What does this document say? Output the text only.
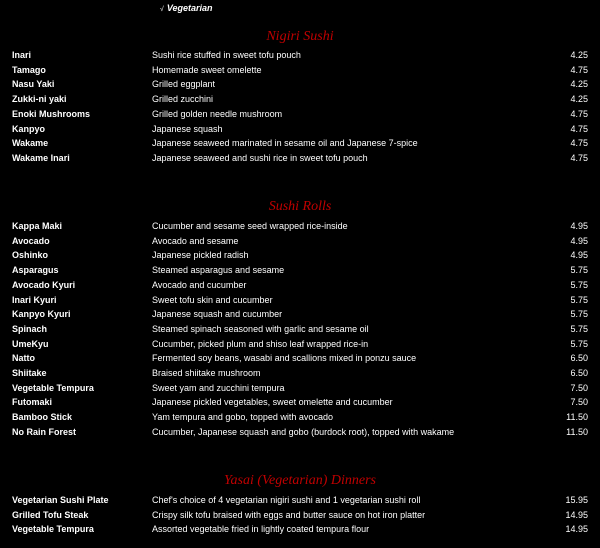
√ Vegetarian
Nigiri Sushi
Inari	Sushi rice stuffed in sweet tofu pouch	4.25
Tamago	Homemade sweet omelette	4.75
Nasu Yaki	Grilled eggplant	4.25
Zukki-ni yaki	Grilled zucchini	4.25
Enoki Mushrooms	Grilled golden needle mushroom	4.75
Kanpyo	Japanese squash	4.75
Wakame	Japanese seaweed marinated in sesame oil and Japanese 7-spice	4.75
Wakame Inari	Japanese seaweed and sushi rice in sweet tofu pouch	4.75
Sushi Rolls
Kappa Maki	Cucumber and sesame seed wrapped rice-inside	4.95
Avocado	Avocado and sesame	4.95
Oshinko	Japanese pickled radish	4.95
Asparagus	Steamed asparagus and sesame	5.75
Avocado Kyuri	Avocado and cucumber	5.75
Inari Kyuri	Sweet tofu skin and cucumber	5.75
Kanpyo Kyuri	Japanese squash and cucumber	5.75
Spinach	Steamed spinach seasoned with garlic and sesame oil	5.75
UmeKyu	Cucumber, picked plum and shiso leaf wrapped rice-in	5.75
Natto	Fermented soy beans, wasabi and scallions mixed in ponzu sauce	6.50
Shiitake	Braised shiitake mushroom	6.50
Vegetable Tempura	Sweet yam and zucchini tempura	7.50
Futomaki	Japanese pickled vegetables, sweet omelette and cucumber	7.50
Bamboo Stick	Yam tempura and gobo, topped with avocado	11.50
No Rain Forest	Cucumber, Japanese squash and gobo (burdock root), topped with wakame	11.50
Yasai (Vegetarian) Dinners
Vegetarian Sushi Plate	Chef's choice of 4 vegetarian nigiri sushi and 1 vegetarian sushi roll	15.95
Grilled Tofu Steak	Crispy silk tofu braised with eggs and butter sauce on hot iron platter	14.95
Vegetable Tempura	Assorted vegetable fried in lightly coated tempura flour	14.95
